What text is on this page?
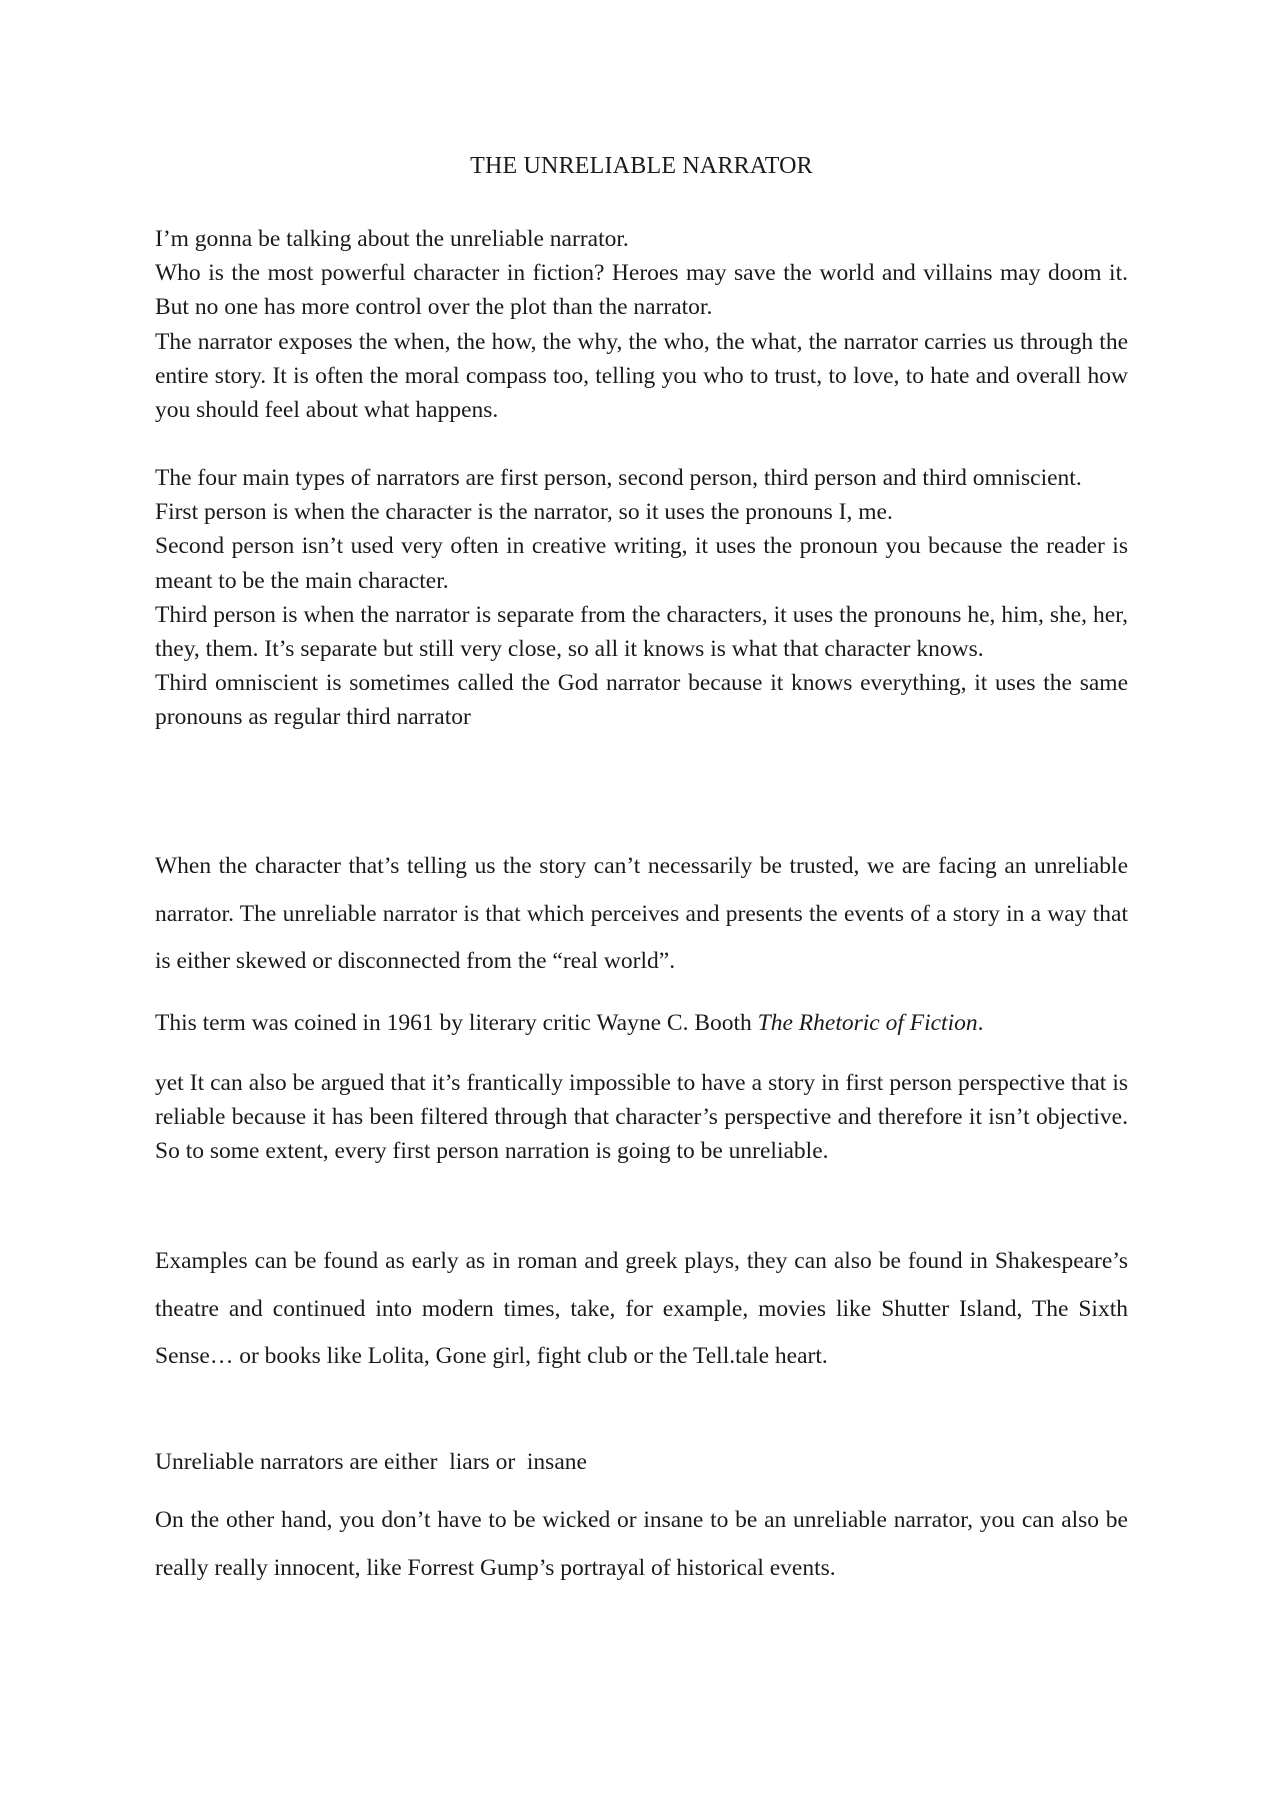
THE UNRELIABLE NARRATOR

I’m gonna be talking about the unreliable narrator.

Who is the most powerful character in fiction? Heroes may save the world and villains may doom it. But no one has more control over the plot than the narrator.

The narrator exposes the when, the how, the why, the who, the what, the narrator carries us through the entire story. It is often the moral compass too, telling you who to trust, to love, to hate and overall how you should feel about what happens.

The four main types of narrators are first person, second person, third person and third omniscient.

First person is when the character is the narrator, so it uses the pronouns I, me.

Second person isn’t used very often in creative writing, it uses the pronoun you because the reader is meant to be the main character.

Third person is when the narrator is separate from the characters, it uses the pronouns he, him, she, her, they, them. It’s separate but still very close, so all it knows is what that character knows.

Third omniscient is sometimes called the God narrator because it knows everything, it uses the same pronouns as regular third narrator

When the character that’s telling us the story can’t necessarily be trusted, we are facing an unreliable narrator. The unreliable narrator is that which perceives and presents the events of a story in a way that is either skewed or disconnected from the “real world”.

This term was coined in 1961 by literary critic Wayne C. Booth The Rhetoric of Fiction.

yet It can also be argued that it’s frantically impossible to have a story in first person perspective that is reliable because it has been filtered through that character’s perspective and therefore it isn’t objective. So to some extent, every first person narration is going to be unreliable.

Examples can be found as early as in roman and greek plays, they can also be found in Shakespeare’s theatre and continued into modern times, take, for example, movies like Shutter Island, The Sixth Sense… or books like Lolita, Gone girl, fight club or the Tell.tale heart.

Unreliable narrators are either  liars or  insane

On the other hand, you don’t have to be wicked or insane to be an unreliable narrator, you can also be really really innocent, like Forrest Gump’s portrayal of historical events.
